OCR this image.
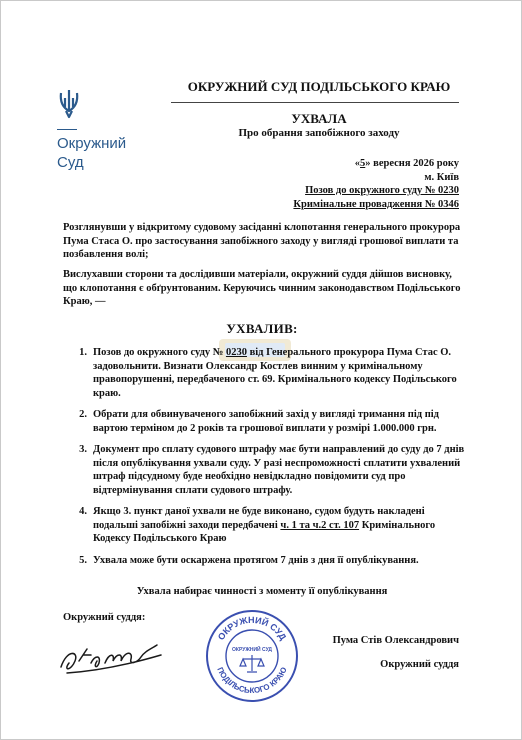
Окружний Суд
ОКРУЖНИЙ СУД ПОДІЛЬСЬКОГО КРАЮ
УХВАЛА
Про обрання запобіжного заходу
«5» вересня 2026 року
м. Київ
Позов до окружного суду № 0230
Кримінальне провадження № 0346
Розглянувши у відкритому судовому засіданні клопотання генерального прокурора Пума Стаса О. про застосування запобіжного заходу у вигляді грошової виплати та позбавлення волі;
Вислухавши сторони та дослідивши матеріали, окружний суддя дійшов висновку, що клопотання є обґрунтованим. Керуючись чинним законодавством Подільського Краю, —
УХВАЛИВ:
1. Позов до окружного суду № 0230 від Генерального прокурора Пума Стас О. задовольнити. Визнати Олександр Костлев винним у кримінальному правопорушенні, передбаченого ст. 69. Кримінального кодексу Подільського краю.
2. Обрати для обвинуваченого запобіжний захід у вигляді тримання під під вартою терміном до 2 років та грошової виплати у розмірі 1.000.000 грн.
3. Документ про сплату судового штрафу має бути направлений до суду до 7 днів після опублікування ухвали суду. У разі неспроможності сплатити ухвалений штраф підсудному буде необхідно невідкладно повідомити суд про відтермінування сплати судового штрафу.
4. Якщо 3. пункт даної ухвали не буде виконано, судом будуть накладені подальші запобіжні заходи передбачені ч. 1 та ч.2 ст. 107 Кримінального Кодексу Подільського Краю
5. Ухвала може бути оскаржена протягом 7 днів з дня її опублікування.
Ухвала набирає чинності з моменту її опублікування
Окружний суддя:
ОКРУЖНИЙ СУД
ПОДІЛЬСЬКОГО КРАЮ
ОКРУЖНИЙ СУД
Пума Стів Олександрович
Окружний суддя
